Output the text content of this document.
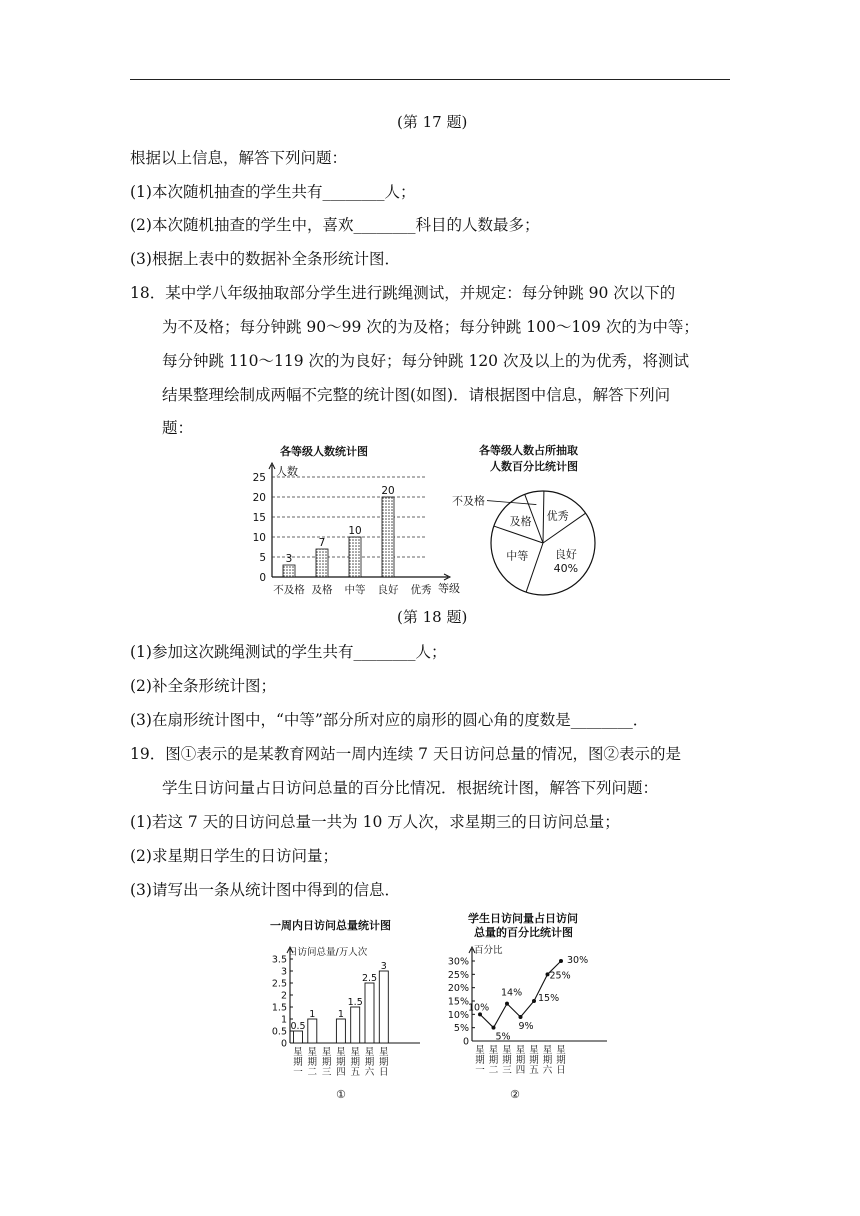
(第 17 题)
根据以上信息，解答下列问题：
(1)本次随机抽查的学生共有________人；
(2)本次随机抽查的学生中，喜欢________科目的人数最多；
(3)根据上表中的数据补全条形统计图．
18．某中学八年级抽取部分学生进行跳绳测试，并规定：每分钟跳 90 次以下的
为不及格；每分钟跳 90～99 次的为及格；每分钟跳 100～109 次的为中等；
每分钟跳 110～119 次的为良好；每分钟跳 120 次及以上的为优秀，将测试
结果整理绘制成两幅不完整的统计图(如图)．请根据图中信息，解答下列问
题：
各等级人数统计图
人数
等级
0
5
10
15
20
25
不及格
3
及格
7
中等
10
良好
20
优秀
各等级人数占所抽取
人数百分比统计图
良好
40%
中等
及格
不及格
优秀
(第 18 题)
(1)参加这次跳绳测试的学生共有________人；
(2)补全条形统计图；
(3)在扇形统计图中，“中等”部分所对应的扇形的圆心角的度数是________．
19．图①表示的是某教育网站一周内连续 7 天日访问总量的情况，图②表示的是
学生日访问量占日访问总量的百分比情况．根据统计图，解答下列问题：
(1)若这 7 天的日访问总量一共为 10 万人次，求星期三的日访问总量；
(2)求星期日学生的日访问量；
(3)请写出一条从统计图中得到的信息．
一周内日访问总量统计图
日访问总量/万人次
①
0
0.5
1
1.5
2
2.5
3
3.5
星
期
一
0.5
星
期
二
1
星
期
三
星
期
四
1
星
期
五
1.5
星
期
六
2.5
星
期
日
3
学生日访问量占日访问
总量的百分比统计图
百分比
②
0
5%
10%
15%
20%
25%
30%
星
期
一
星
期
二
星
期
三
星
期
四
星
期
五
星
期
六
星
期
日
10%
5%
14%
9%
15%
25%
30%
